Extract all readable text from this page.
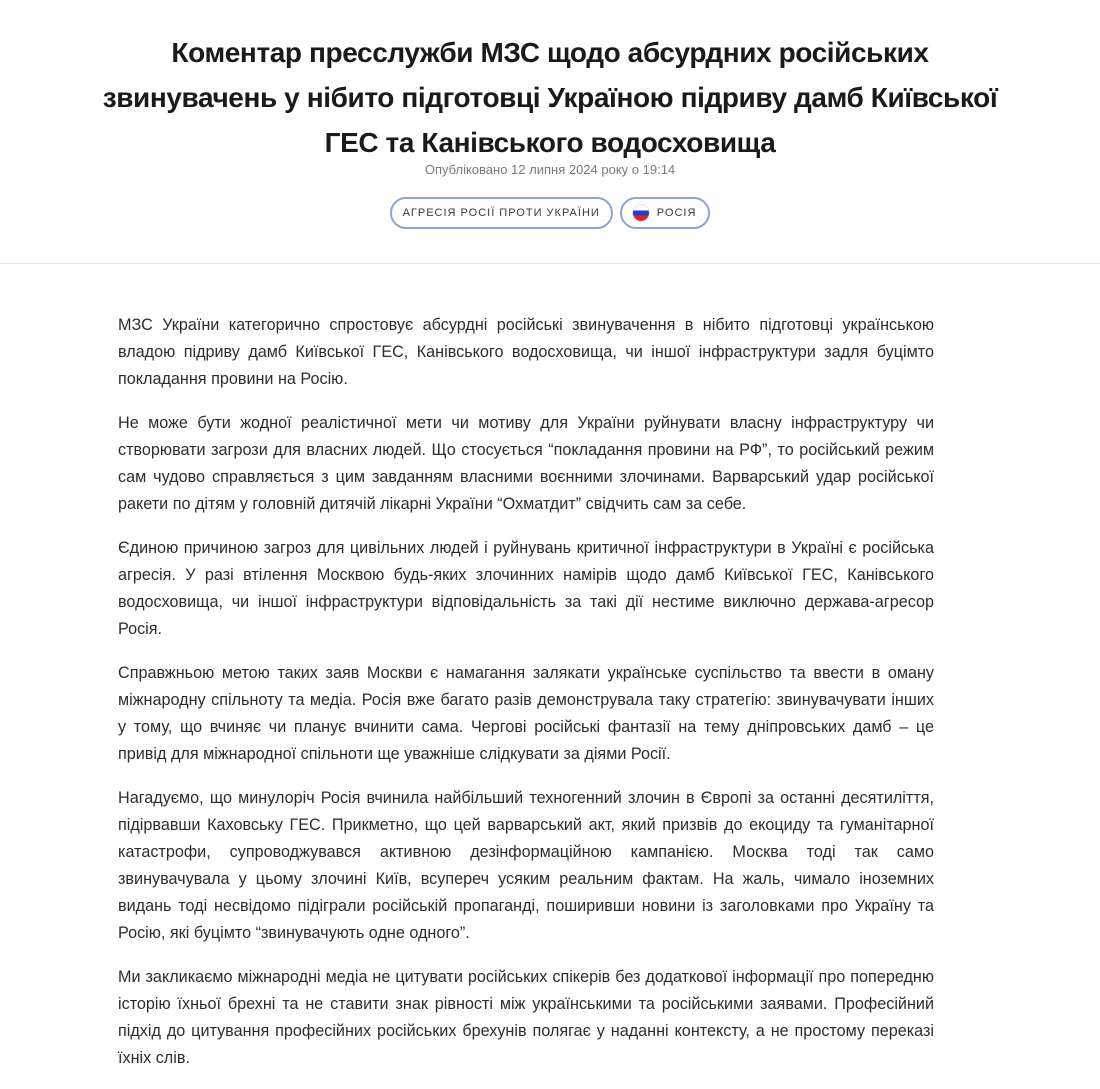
Коментар пресслужби МЗС щодо абсурдних російських звинувачень у нібито підготовці Україною підриву дамб Київської ГЕС та Канівського водосховища
Опубліковано 12 липня 2024 року о 19:14
АГРЕСІЯ РОСІЇ ПРОТИ УКРАЇНИ	РОСІЯ

МЗС України категорично спростовує абсурдні російські звинувачення в нібито підготовці українською владою підриву дамб Київської ГЕС, Канівського водосховища, чи іншої інфраструктури задля буцімто покладання провини на Росію.

Не може бути жодної реалістичної мети чи мотиву для України руйнувати власну інфраструктуру чи створювати загрози для власних людей. Що стосується “покладання провини на РФ”, то російський режим сам чудово справляється з цим завданням власними воєнними злочинами. Варварський удар російської ракети по дітям у головній дитячій лікарні України “Охматдит” свідчить сам за себе.

Єдиною причиною загроз для цивільних людей і руйнувань критичної інфраструктури в Україні є російська агресія. У разі втілення Москвою будь-яких злочинних намірів щодо дамб Київської ГЕС, Канівського водосховища, чи іншої інфраструктури відповідальність за такі дії нестиме виключно держава-агресор Росія.

Справжньою метою таких заяв Москви є намагання залякати українське суспільство та ввести в оману міжнародну спільноту та медіа. Росія вже багато разів демонструвала таку стратегію: звинувачувати інших у тому, що вчиняє чи планує вчинити сама. Чергові російські фантазії на тему дніпровських дамб – це привід для міжнародної спільноти ще уважніше слідкувати за діями Росії.

Нагадуємо, що минулоріч Росія вчинила найбільший техногенний злочин в Європі за останні десятиліття, підірвавши Каховську ГЕС. Прикметно, що цей варварський акт, який призвів до екоциду та гуманітарної катастрофи, супроводжувався активною дезінформаційною кампанією. Москва тоді так само звинувачувала у цьому злочині Київ, всупереч усяким реальним фактам. На жаль, чимало іноземних видань тоді несвідомо підіграли російській пропаганді, поширивши новини із заголовками про Україну та Росію, які буцімто “звинувачують одне одного”.

Ми закликаємо міжнародні медіа не цитувати російських спікерів без додаткової інформації про попередню історію їхньої брехні та не ставити знак рівності між українськими та російськими заявами. Професійний підхід до цитування професійних російських брехунів полягає у наданні контексту, а не простому переказі їхніх слів.
